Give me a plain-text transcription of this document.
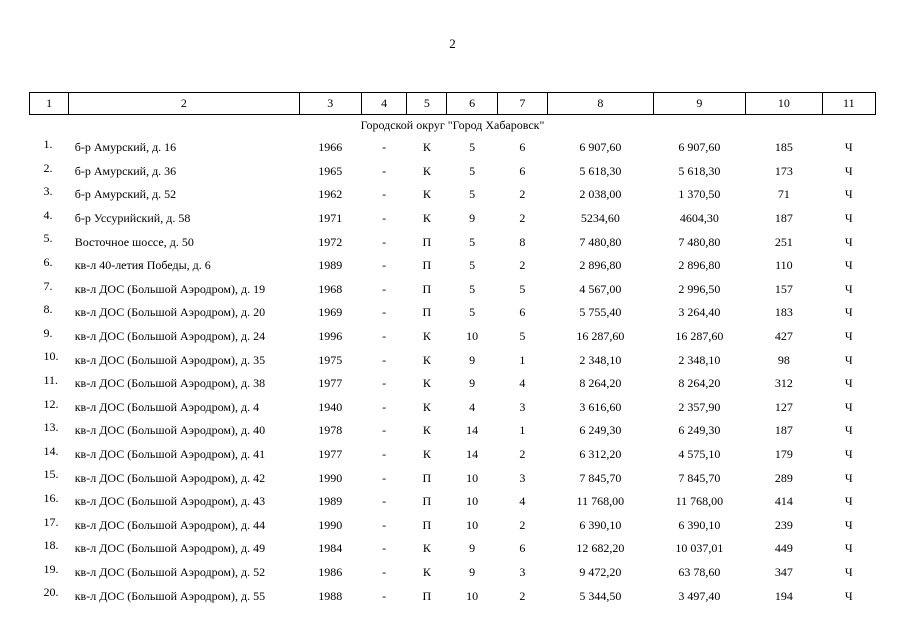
2
1	2	3	4	5	6	7	8	9	10	11
Городской округ "Город Хабаровск"										
1.	б-р Амурский, д. 16	1966	-	К	5	6	6 907,60	6 907,60	185	Ч
2.	б-р Амурский, д. 36	1965	-	К	5	6	5 618,30	5 618,30	173	Ч
3.	б-р Амурский, д. 52	1962	-	К	5	2	2 038,00	1 370,50	71	Ч
4.	б-р Уссурийский, д. 58	1971	-	К	9	2	5234,60	4604,30	187	Ч
5.	Восточное шоссе, д. 50	1972	-	П	5	8	7 480,80	7 480,80	251	Ч
6.	кв-л 40-летия Победы, д. 6	1989	-	П	5	2	2 896,80	2 896,80	110	Ч
7.	кв-л ДОС (Большой Аэродром), д. 19	1968	-	П	5	5	4 567,00	2 996,50	157	Ч
8.	кв-л ДОС (Большой Аэродром), д. 20	1969	-	П	5	6	5 755,40	3 264,40	183	Ч
9.	кв-л ДОС (Большой Аэродром), д. 24	1996	-	К	10	5	16 287,60	16 287,60	427	Ч
10.	кв-л ДОС (Большой Аэродром), д. 35	1975	-	К	9	1	2 348,10	2 348,10	98	Ч
11.	кв-л ДОС (Большой Аэродром), д. 38	1977	-	К	9	4	8 264,20	8 264,20	312	Ч
12.	кв-л ДОС (Большой Аэродром), д. 4	1940	-	К	4	3	3 616,60	2 357,90	127	Ч
13.	кв-л ДОС (Большой Аэродром), д. 40	1978	-	К	14	1	6 249,30	6 249,30	187	Ч
14.	кв-л ДОС (Большой Аэродром), д. 41	1977	-	К	14	2	6 312,20	4 575,10	179	Ч
15.	кв-л ДОС (Большой Аэродром), д. 42	1990	-	П	10	3	7 845,70	7 845,70	289	Ч
16.	кв-л ДОС (Большой Аэродром), д. 43	1989	-	П	10	4	11 768,00	11 768,00	414	Ч
17.	кв-л ДОС (Большой Аэродром), д. 44	1990	-	П	10	2	6 390,10	6 390,10	239	Ч
18.	кв-л ДОС (Большой Аэродром), д. 49	1984	-	К	9	6	12 682,20	10 037,01	449	Ч
19.	кв-л ДОС (Большой Аэродром), д. 52	1986	-	К	9	3	9 472,20	63 78,60	347	Ч
20.	кв-л ДОС (Большой Аэродром), д. 55	1988	-	П	10	2	5 344,50	3 497,40	194	Ч
